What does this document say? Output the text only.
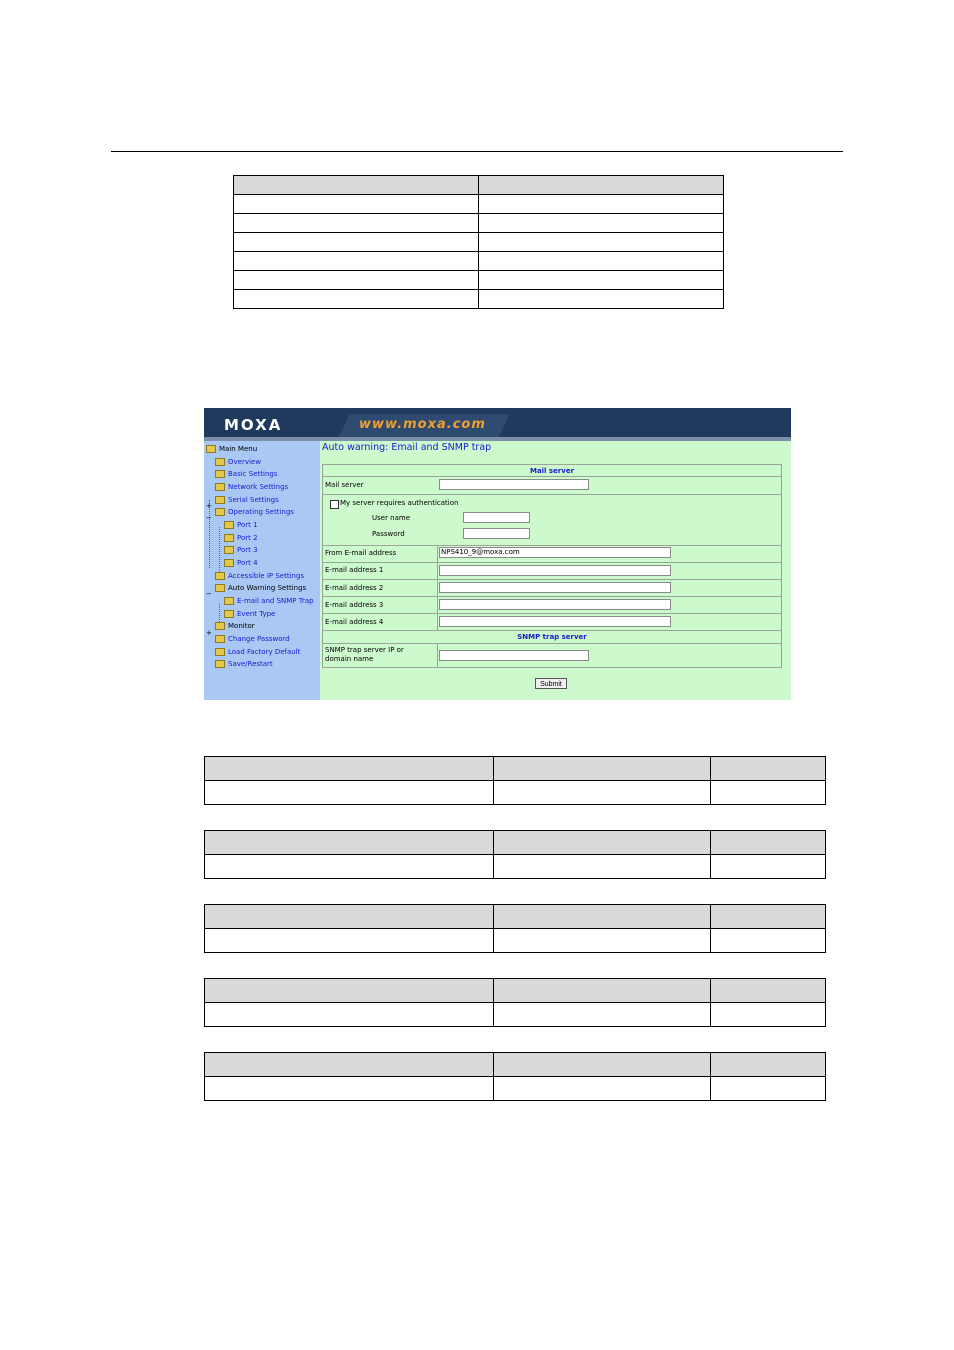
MOXA	www.moxa.com
+
−
−
+
Main Menu
Overview
Basic Settings
Network Settings
Serial Settings
Operating Settings
Port 1
Port 2
Port 3
Port 4
Accessible IP Settings
Auto Warning Settings
E-mail and SNMP Trap
Event Type
Monitor
Change Password
Load Factory Default
Save/Restart
Auto warning: Email and SNMP trap
Mail server
Mail server
My server requires authentication
User name
Password
From E-mail address	NPS410_9@moxa.com
E-mail address 1
E-mail address 2
E-mail address 3
E-mail address 4
SNMP trap server
SNMP trap server IP or
domain name
Submit
